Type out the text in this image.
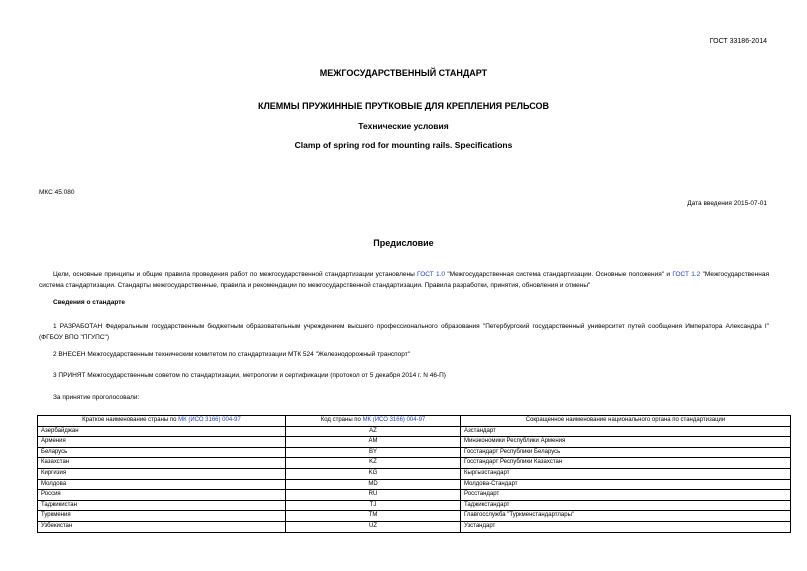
ГОСТ 33186-2014
МЕЖГОСУДАРСТВЕННЫЙ СТАНДАРТ
КЛЕММЫ ПРУЖИННЫЕ ПРУТКОВЫЕ ДЛЯ КРЕПЛЕНИЯ РЕЛЬСОВ
Технические условия
Clamp of spring rod for mounting rails. Specifications
МКС 45.080
Дата введения 2015-07-01
Предисловие
Цели, основные принципы и общие правила проведения работ по межгосударственной стандартизации установлены ГОСТ 1.0 "Межгосударственная система стандартизации. Основные положения" и ГОСТ 1.2 "Межгосударственная система стандартизации. Стандарты межгосударственные, правила и рекомендации по межгосударственной стандартизации. Правила разработки, принятия, обновления и отмены"
Сведения о стандарте
1 РАЗРАБОТАН Федеральным государственным бюджетным образовательным учреждением высшего профессионального образования "Петербургский государственный университет путей сообщения Императора Александра I" (ФГБОУ ВПО "ПГУПС")
2 ВНЕСЕН Межгосударственным техническим комитетом по стандартизации МТК 524 "Железнодорожный транспорт"
3 ПРИНЯТ Межгосударственным советом по стандартизации, метрологии и сертификации (протокол от 5 декабря 2014 г. N 46-П)
За принятие проголосовали:
Краткое наименование страны по МК (ИСО 3166) 004-97	Код страны по МК (ИСО 3166) 004-97	Сокращенное наименование национального органа по стандартизации
Азербайджан	AZ	Азстандарт
Армения	AM	Минэкономики Республики Армения
Беларусь	BY	Госстандарт Республики Беларусь
Казахстан	KZ	Госстандарт Республики Казахстан
Киргизия	KG	Кыргызстандарт
Молдова	MD	Молдова-Стандарт
Россия	RU	Росстандарт
Таджикистан	TJ	Таджикстандарт
Туркмения	TM	Главгосслужба "Туркменстандартлары"
Узбекистан	UZ	Узстандарт
